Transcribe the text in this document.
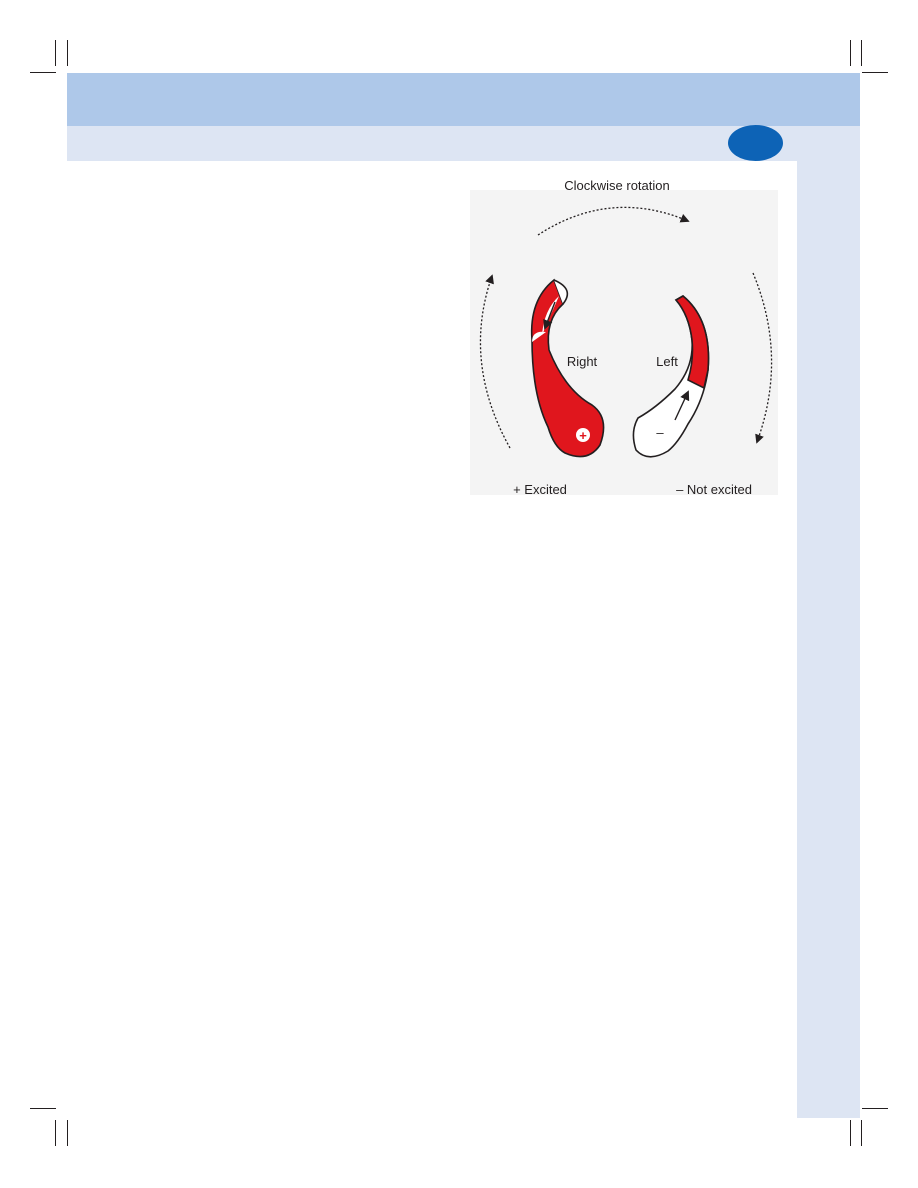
Clockwise rotation
+	–
Right	Left
+ Excited	– Not excited
